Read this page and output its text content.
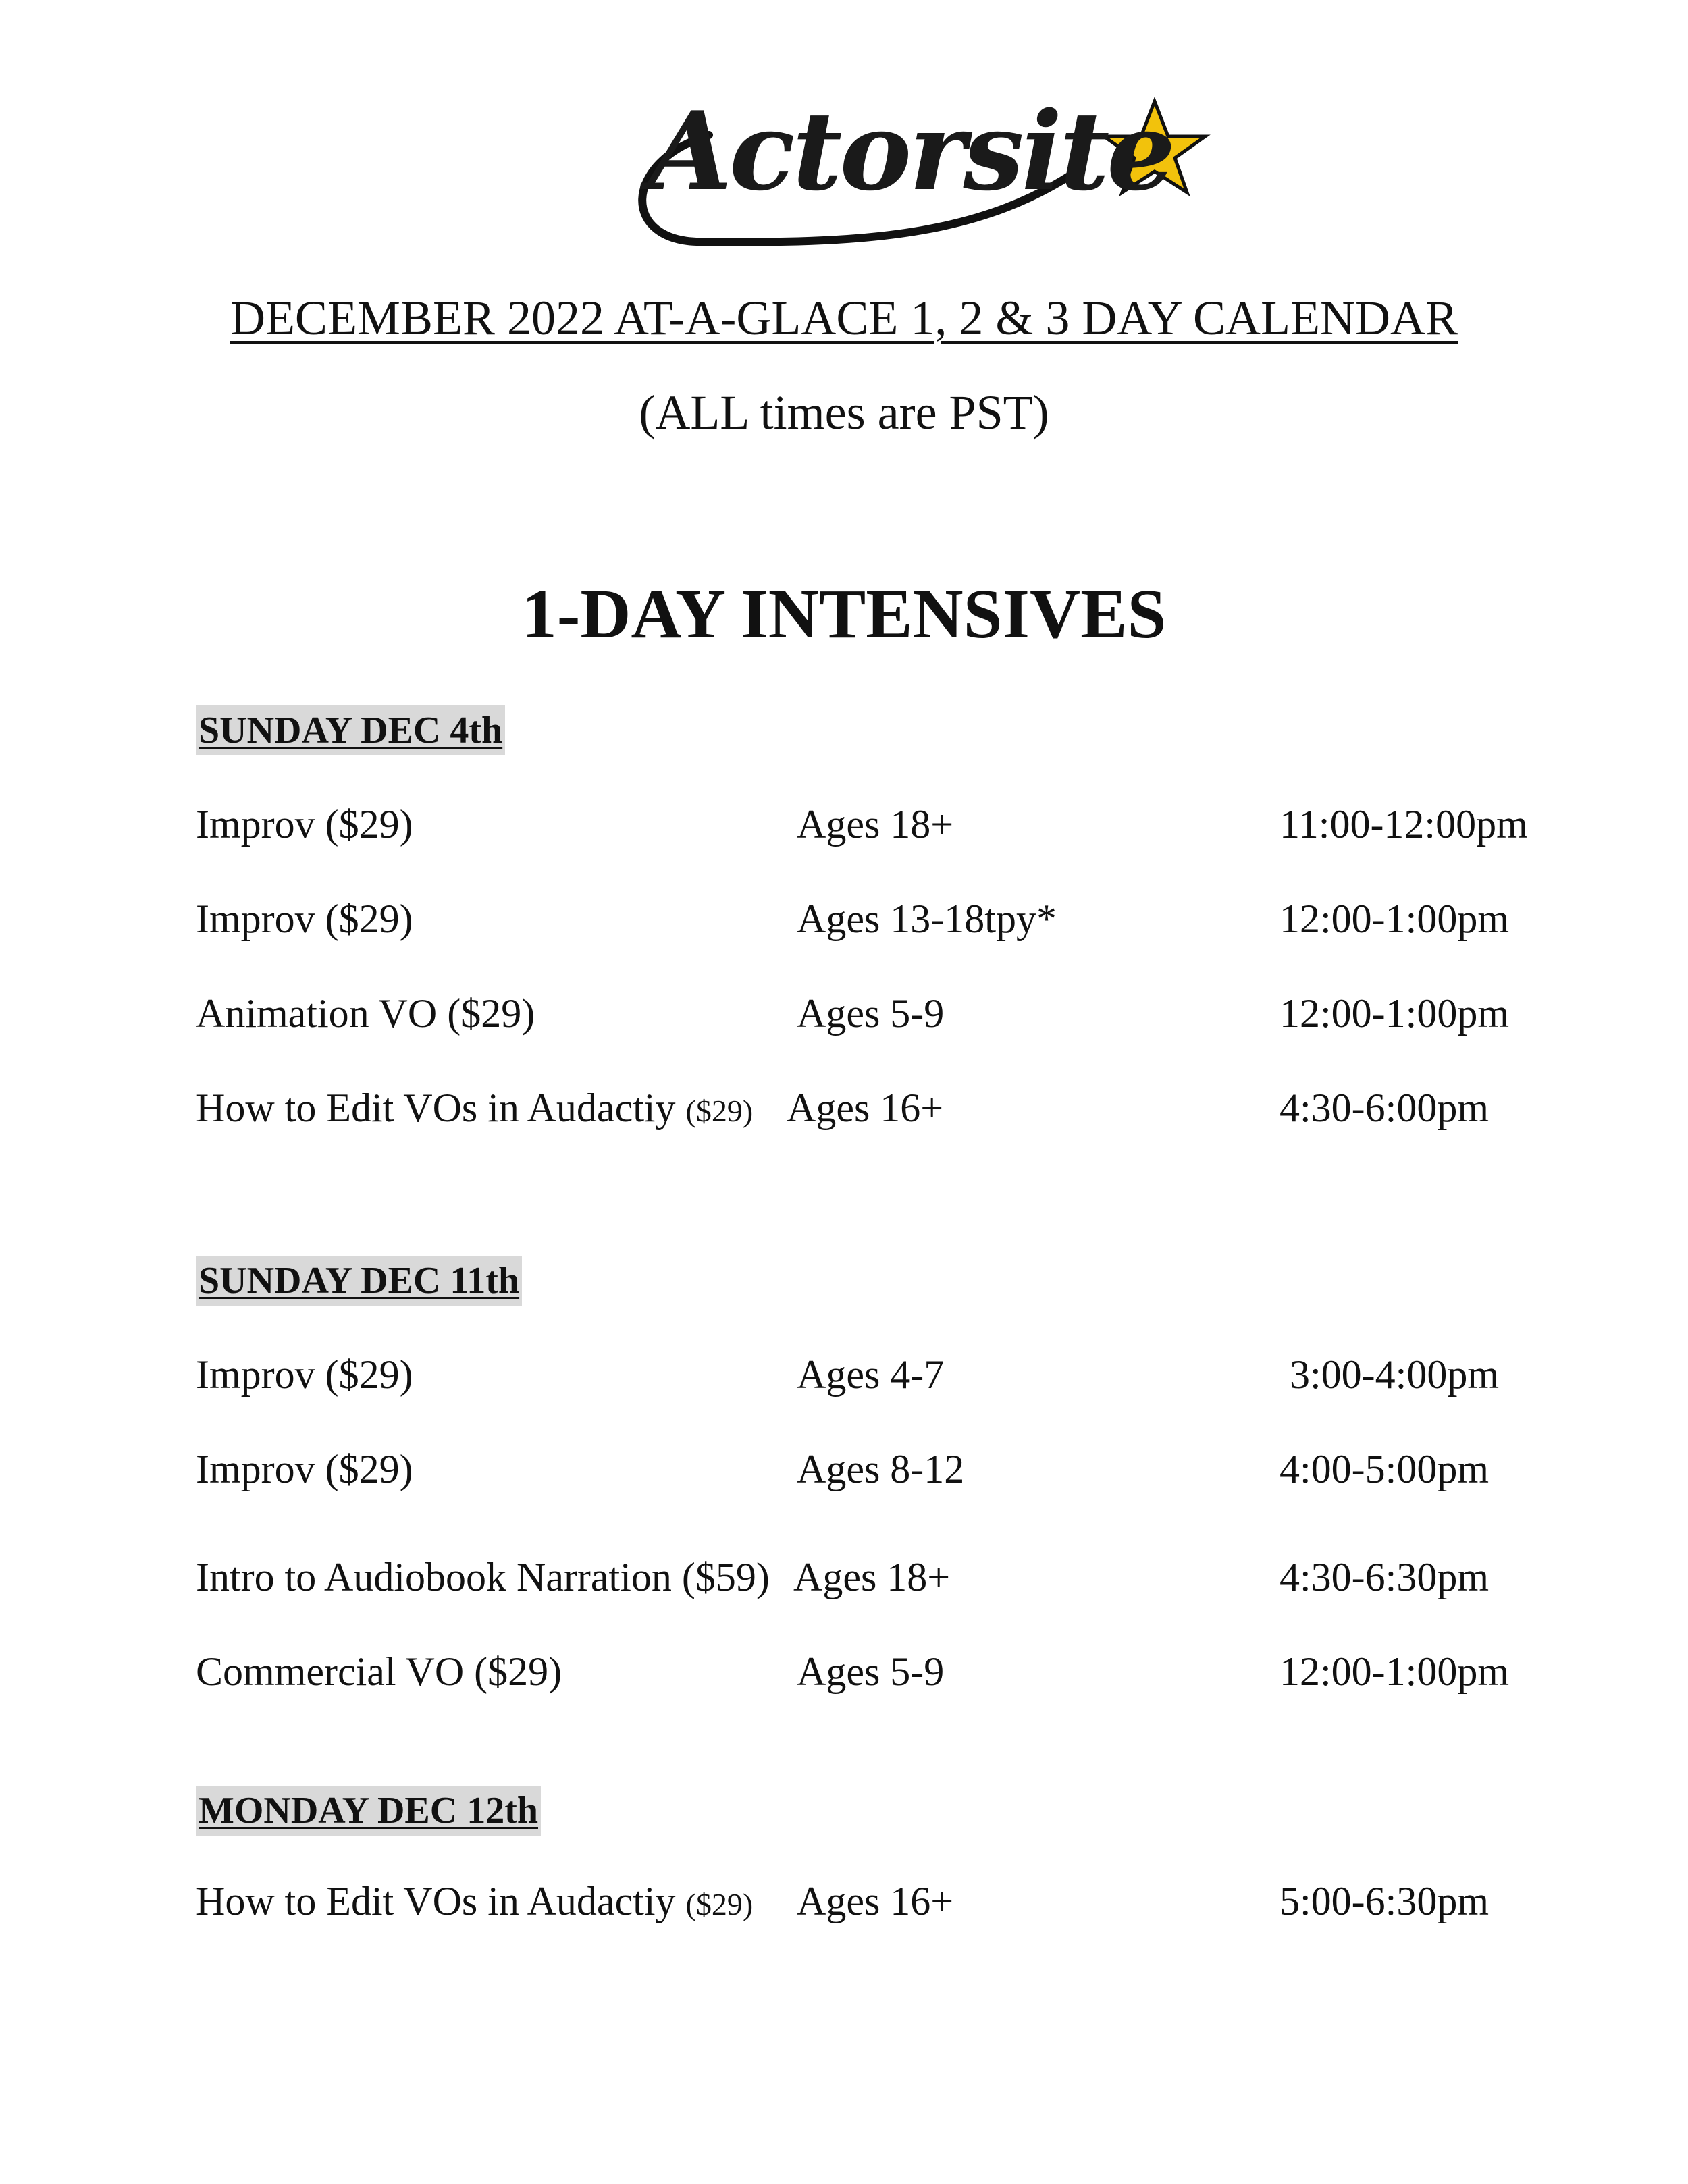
Actorsite
DECEMBER 2022 AT-A-GLACE 1, 2 & 3 DAY CALENDAR
(ALL times are PST)
1-DAY INTENSIVES
SUNDAY DEC 4th
Improv ($29)	Ages 18+	11:00-12:00pm
Improv ($29)	Ages 13-18tpy*	12:00-1:00pm
Animation VO ($29)	Ages 5-9	12:00-1:00pm
How to Edit VOs in Audactiy ($29) Ages 16+	4:30-6:00pm
SUNDAY DEC 11th
Improv ($29)	Ages 4-7	3:00-4:00pm
Improv ($29)	Ages 8-12	4:00-5:00pm
Intro to Audiobook Narration ($59) Ages 18+	4:30-6:30pm
Commercial VO ($29)	Ages 5-9	12:00-1:00pm
MONDAY DEC 12th
How to Edit VOs in Audactiy ($29) Ages 16+	5:00-6:30pm
